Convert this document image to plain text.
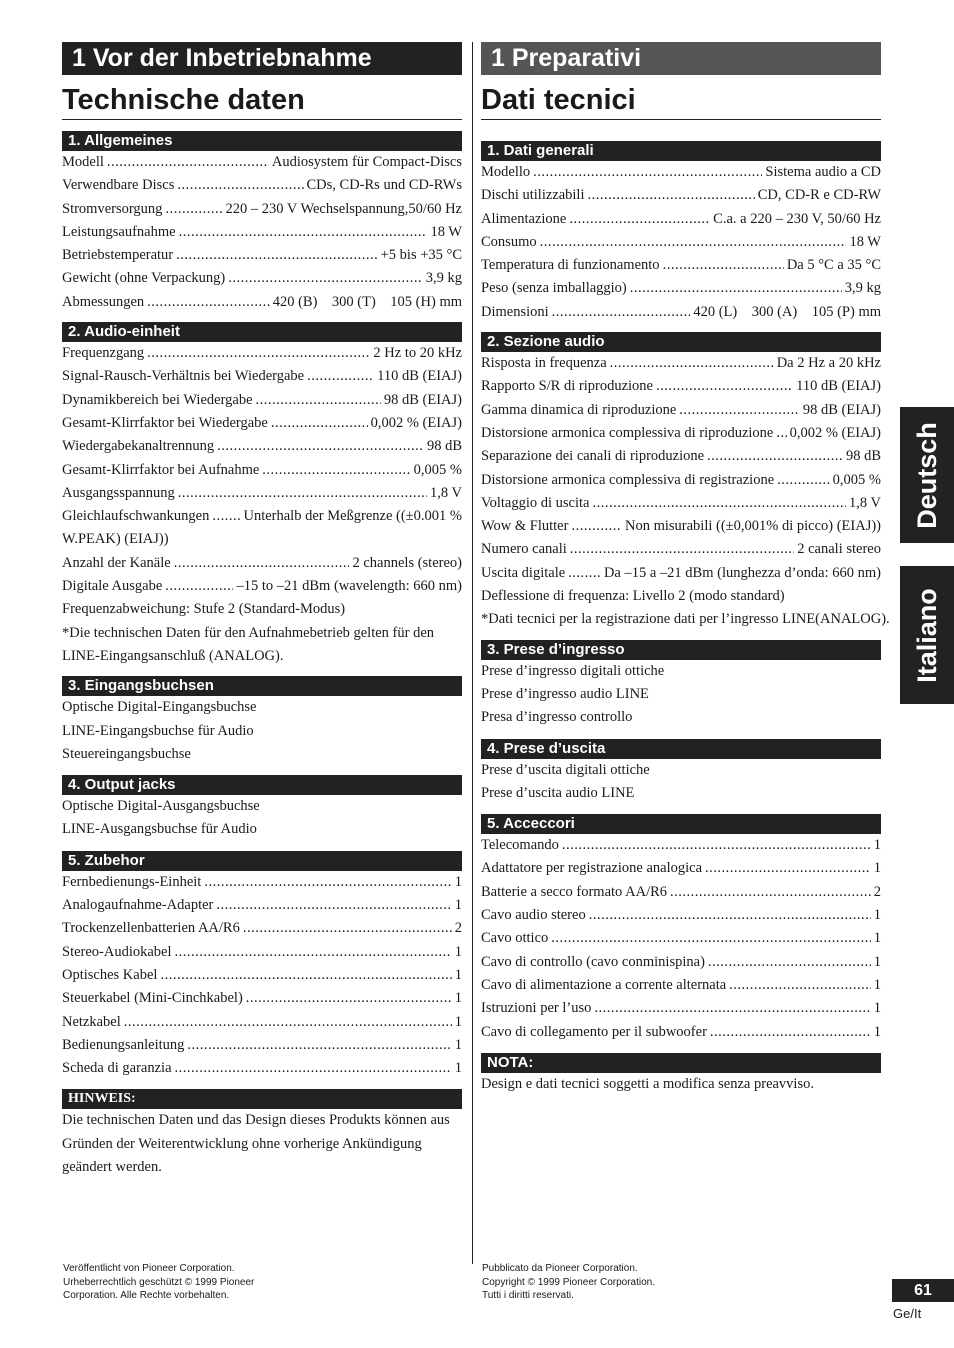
1 Vor der Inbetriebnahme
Technische daten
1. Allgemeines
Modell .....	Audiosystem für Compact-Discs
Verwendbare Discs .....	CDs, CD-Rs und CD-RWs
Stromversorgung .....	220 – 230 V Wechselspannung,50/60 Hz
Leistungsaufnahme .....	18 W
Betriebstemperatur .....	+5 bis +35 °C
Gewicht (ohne Verpackung) .....	3,9 kg
Abmessungen .....	420 (B)    300 (T)    105 (H) mm
2. Audio-einheit
Frequenzgang .....	2 Hz to 20 kHz
Signal-Rausch-Verhältnis bei Wiedergabe .....	110 dB (EIAJ)
Dynamikbereich bei Wiedergabe .....	98 dB (EIAJ)
Gesamt-Klirrfaktor bei Wiedergabe .....	0,002 % (EIAJ)
Wiedergabekanaltrennung .....	98 dB
Gesamt-Klirrfaktor bei Aufnahme .....	0,005 %
Ausgangsspannung .....	1,8 V
Gleichlaufschwankungen ..... Unterhalb der Meßgrenze ((±0.001 %
W.PEAK) (EIAJ))
Anzahl der Kanäle .....	2 channels (stereo)
Digitale Ausgabe .....	–15 to –21 dBm (wavelength: 660 nm)
Frequenzabweichung: Stufe 2 (Standard-Modus)
*Die technischen Daten für den Aufnahmebetrieb gelten für den LINE-Eingangsanschluß (ANALOG).
3. Eingangsbuchsen
Optische Digital-Eingangsbuchse
LINE-Eingangsbuchse für Audio
Steuereingangsbuchse
4. Output jacks
Optische Digital-Ausgangsbuchse
LINE-Ausgangsbuchse für Audio
5. Zubehor
Fernbedienungs-Einheit .....	1
Analogaufnahme-Adapter .....	1
Trockenzellenbatterien AA/R6 .....	2
Stereo-Audiokabel .....	1
Optisches Kabel .....	1
Steuerkabel (Mini-Cinchkabel) .....	1
Netzkabel .....	1
Bedienungsanleitung .....	1
Scheda di garanzia .....	1
HINWEIS:
Die technischen Daten und das Design dieses Produkts können aus Gründen der Weiterentwicklung ohne vorherige Ankündigung geändert werden.
1 Preparativi
Dati tecnici
1. Dati generali
Modello .....	Sistema audio a CD
Dischi utilizzabili .....	CD, CD-R e CD-RW
Alimentazione .....	C.a. a 220 – 230 V, 50/60 Hz
Consumo .....	18 W
Temperatura di funzionamento .....	Da 5 °C a 35 °C
Peso (senza imballaggio) .....	3,9 kg
Dimensioni .....	420 (L)    300 (A)    105 (P) mm
2. Sezione audio
Risposta in frequenza .....	Da 2 Hz a 20 kHz
Rapporto S/R di riproduzione .....	110 dB (EIAJ)
Gamma dinamica di riproduzione .....	98 dB (EIAJ)
Distorsione armonica complessiva di riproduzione ..... 0,002 % (EIAJ)
Separazione dei canali di riproduzione .....	98 dB
Distorsione armonica complessiva di registrazione .....	0,005 %
Voltaggio di uscita .....	1,8 V
Wow & Flutter .....	Non misurabili ((±0,001% di picco) (EIAJ))
Numero canali .....	2 canali stereo
Uscita digitale .....	Da –15 a –21 dBm (lunghezza d’onda: 660 nm)
Deflessione di frequenza: Livello 2 (modo standard)
*Dati tecnici per la registrazione dati per l’ingresso LINE(ANALOG).
3. Prese d’ingresso
Prese d’ingresso digitali ottiche
Prese d’ingresso audio LINE
Presa d’ingresso controllo
4. Prese d’uscita
Prese d’uscita digitali ottiche
Prese d’uscita audio LINE
5. Acceccori
Telecomando .....	1
Adattatore per registrazione analogica .....	1
Batterie a secco formato AA/R6 .....	2
Cavo audio stereo .....	1
Cavo ottico .....	1
Cavo di controllo (cavo conminispina) .....	1
Cavo di alimentazione a corrente alternata .....	1
Istruzioni per l’uso .....	1
Cavo di collegamento per il subwoofer .....	1
NOTA:
Design e dati tecnici soggetti a modifica senza preavviso.
Deutsch
Italiano
Veröffentlicht von Pioneer Corporation.
Urheberrechtlich geschützt © 1999 Pioneer
Corporation. Alle Rechte vorbehalten.
Pubblicato da Pioneer Corporation.
Copyright © 1999 Pioneer Corporation.
Tutti i diritti reservati.	61
Ge/It
